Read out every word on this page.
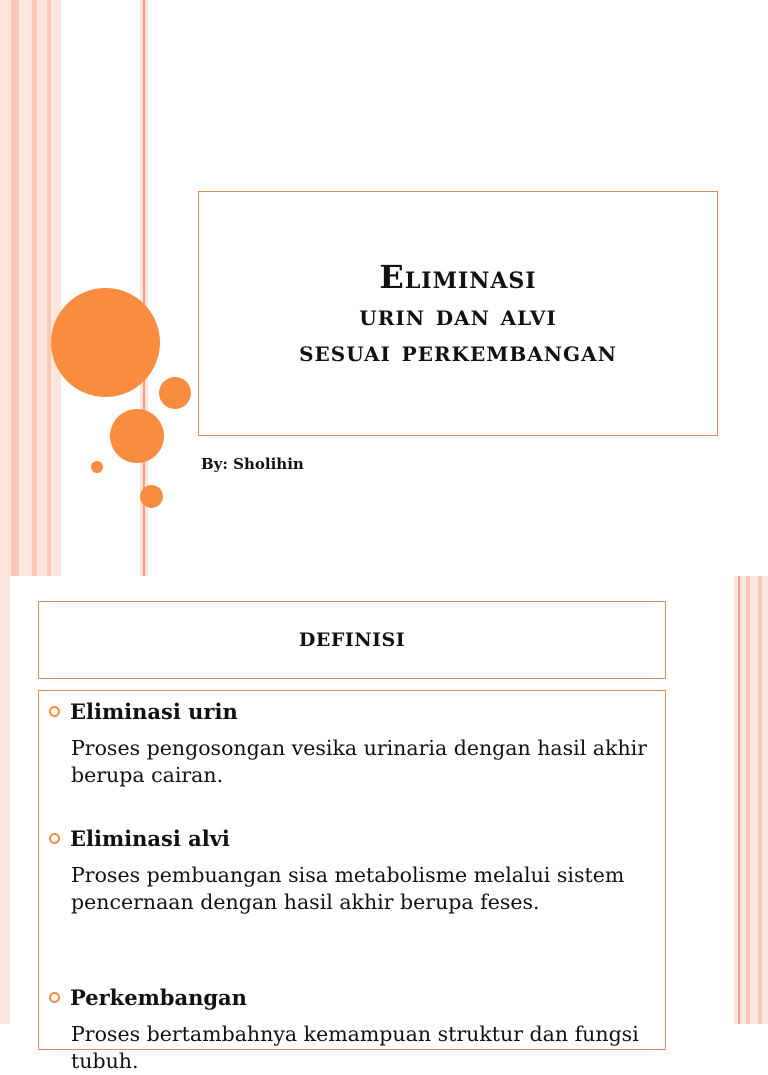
Eliminasi
urin dan alvi
sesuai perkembangan
By: Sholihin
DEFINISI
Eliminasi urin
Proses pengosongan vesika urinaria dengan hasil akhir berupa cairan.
Eliminasi alvi
Proses pembuangan sisa metabolisme melalui sistem pencernaan dengan hasil akhir berupa feses.
Perkembangan
Proses bertambahnya kemampuan struktur dan fungsi tubuh.
